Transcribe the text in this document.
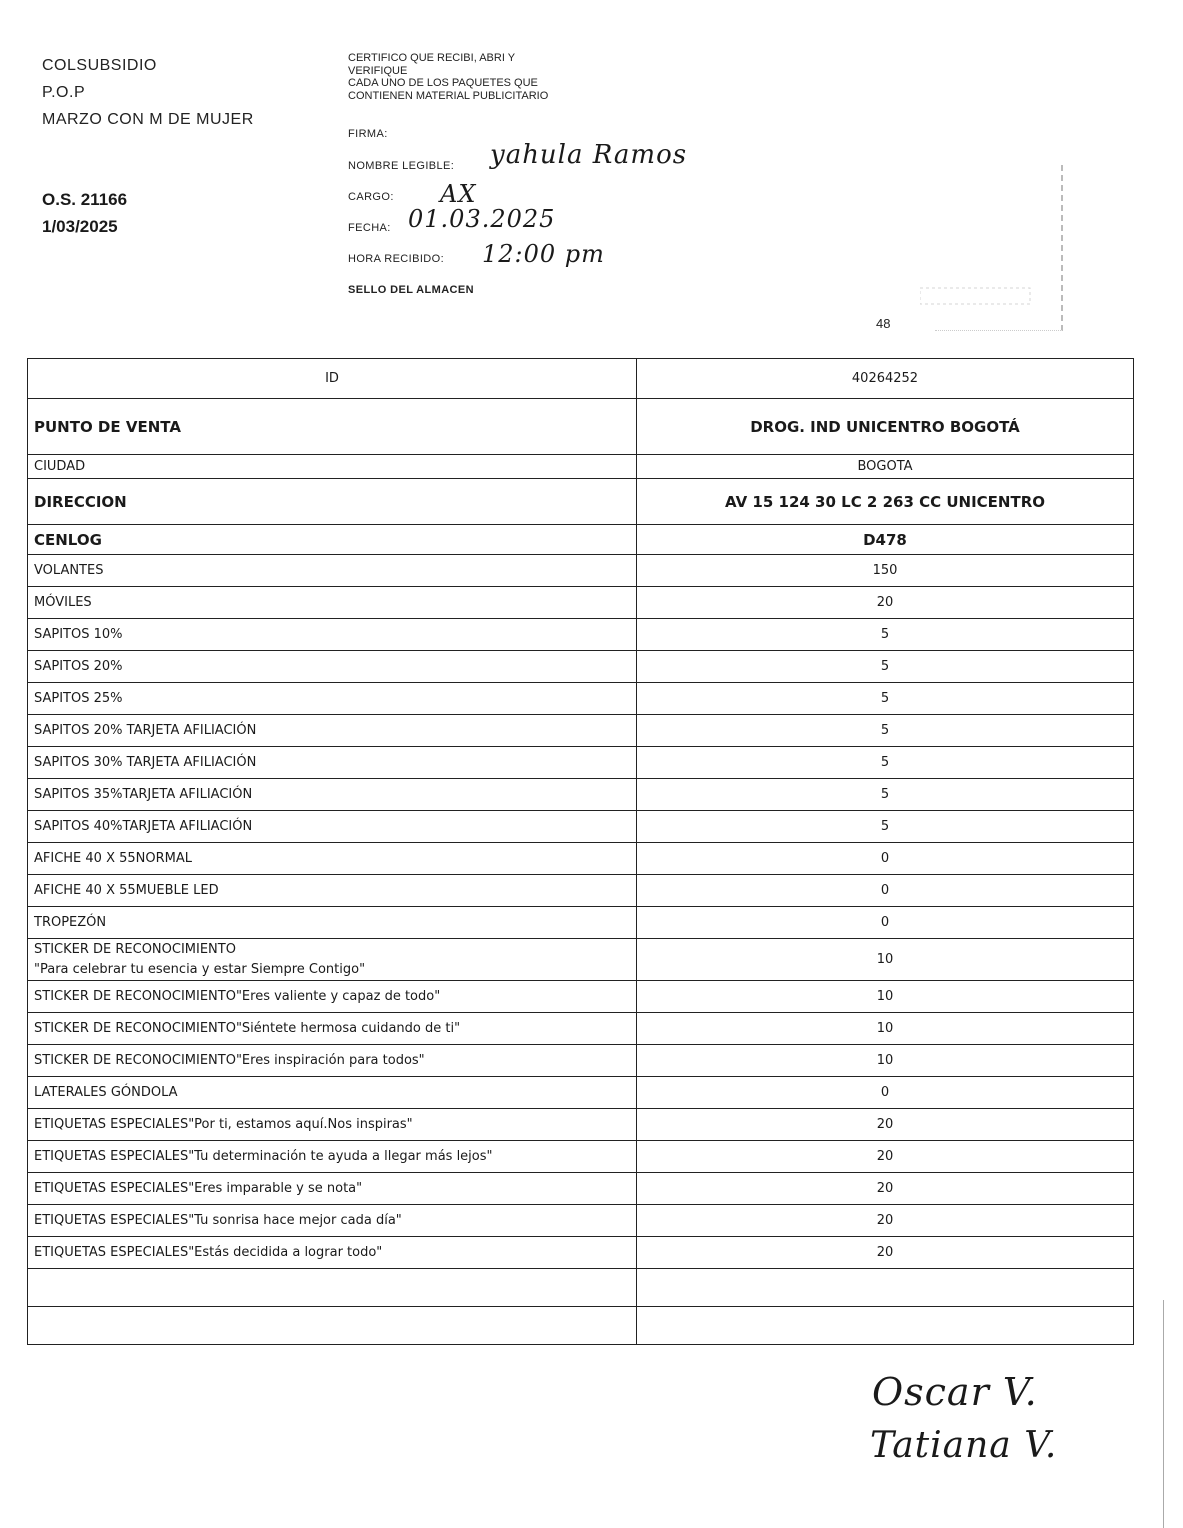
COLSUBSIDIO
P.O.P
MARZO CON M DE MUJER
O.S. 21166
1/03/2025
CERTIFICO QUE RECIBI, ABRI Y
VERIFIQUE
CADA UNO DE LOS PAQUETES QUE
CONTIENEN MATERIAL PUBLICITARIO
FIRMA:
NOMBRE LEGIBLE: yahula Ramos
CARGO: AX
FECHA: 01.03.2025
HORA RECIBIDO: 12:00 pm
SELLO DEL ALMACEN
48
ID	40264252
PUNTO DE VENTA	DROG. IND UNICENTRO BOGOTÁ
CIUDAD	BOGOTA
DIRECCION	AV 15 124 30 LC 2 263 CC UNICENTRO
CENLOG	D478
VOLANTES	150
MÓVILES	20
SAPITOS 10%	5
SAPITOS 20%	5
SAPITOS 25%	5
SAPITOS 20% TARJETA AFILIACIÓN	5
SAPITOS 30% TARJETA AFILIACIÓN	5
SAPITOS 35%TARJETA AFILIACIÓN	5
SAPITOS 40%TARJETA AFILIACIÓN	5
AFICHE 40 X 55NORMAL	0
AFICHE 40 X 55MUEBLE LED	0
TROPEZÓN	0

STICKER DE RECONOCIMIENTO
"Para celebrar tu esencia y estar Siempre Contigo"	10
STICKER DE RECONOCIMIENTO"Eres valiente y capaz de todo"	10
STICKER DE RECONOCIMIENTO"Siéntete hermosa cuidando de ti"	10
STICKER DE RECONOCIMIENTO"Eres inspiración para todos"	10
LATERALES GÓNDOLA	0
ETIQUETAS ESPECIALES"Por ti, estamos aquí.Nos inspiras"	20
ETIQUETAS ESPECIALES"Tu determinación te ayuda a llegar más lejos"	20
ETIQUETAS ESPECIALES"Eres imparable y se nota"	20
ETIQUETAS ESPECIALES"Tu sonrisa hace mejor cada día"	20
ETIQUETAS ESPECIALES"Estás decidida a lograr todo"	20

Oscar V.
Tatiana V.
